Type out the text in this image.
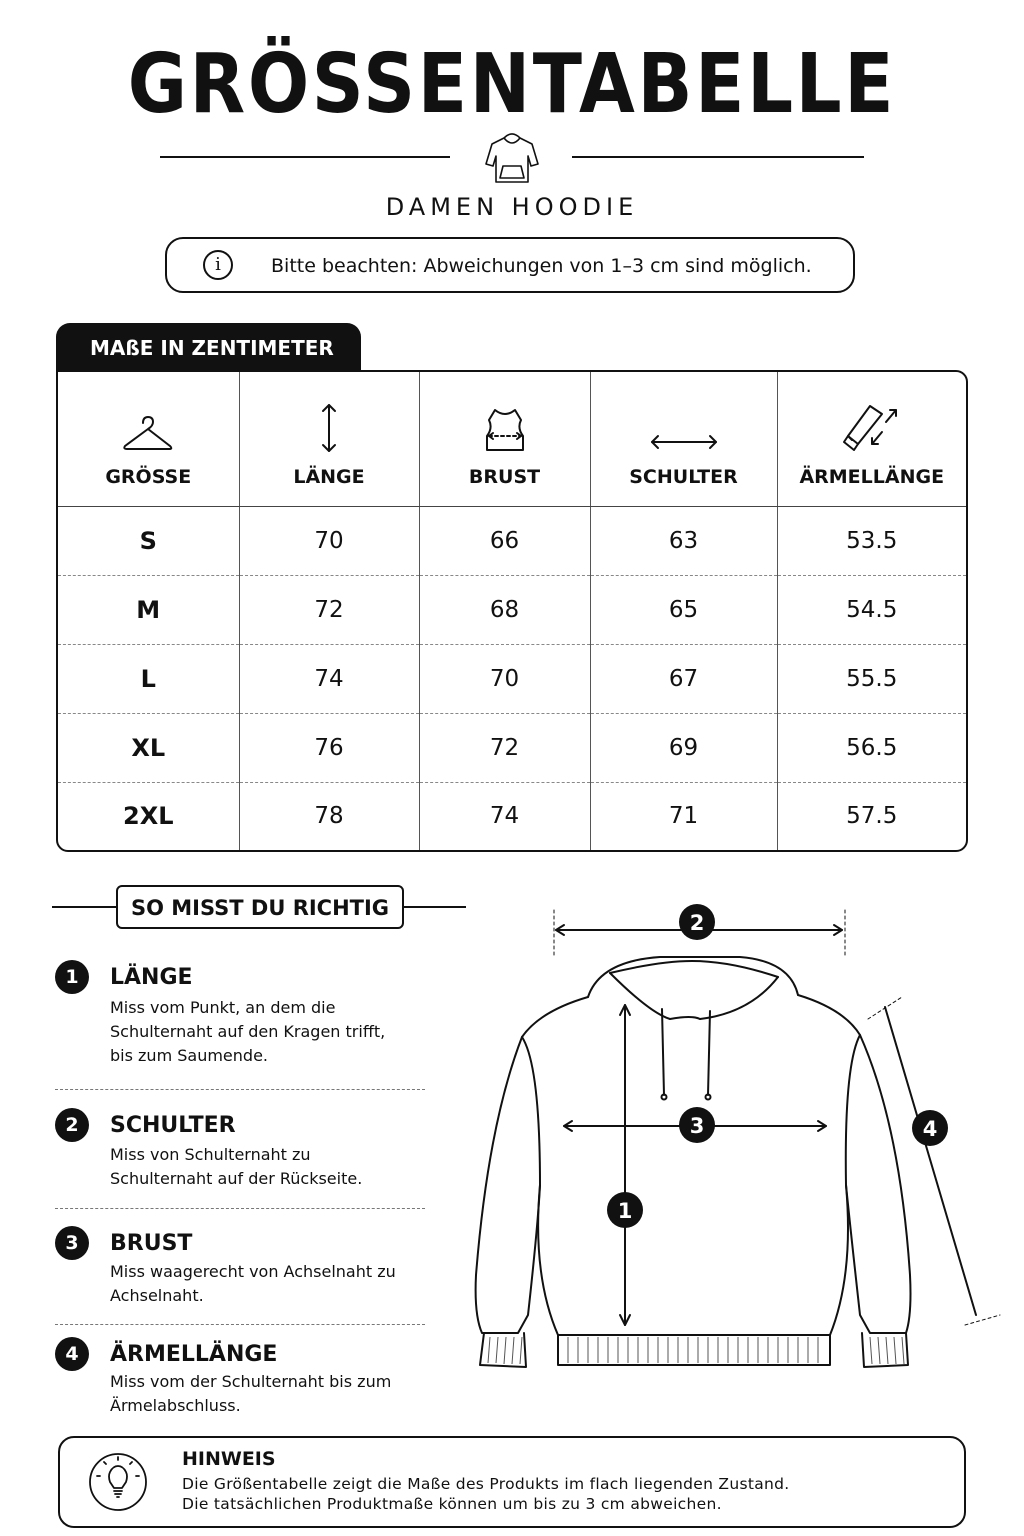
GRÖSSENTABELLE
DAMEN HOODIE
i	Bitte beachten: Abweichungen von 1–3 cm sind möglich.
MAßE IN ZENTIMETER
GRÖSSE	LÄNGE	BRUST	SCHULTER	ÄRMELLÄNGE
S	70	66	63	53.5
M	72	68	65	54.5
L	74	70	67	55.5
XL	76	72	69	56.5
2XL	78	74	71	57.5
SO MISST DU RICHTIG
1	LÄNGE
Miss vom Punkt, an dem die Schulternaht auf den Kragen trifft, bis zum Saumende.
2	SCHULTER
Miss von Schulternaht zu Schulternaht auf der Rückseite.
3	BRUST
Miss waagerecht von Achselnaht zu Achselnaht.
4	ÄRMELLÄNGE
Miss vom der Schulternaht bis zum Ärmelabschluss.
2
3
1
4
HINWEIS
Die Größentabelle zeigt die Maße des Produkts im flach liegenden Zustand.
Die tatsächlichen Produktmaße können um bis zu 3 cm abweichen.
